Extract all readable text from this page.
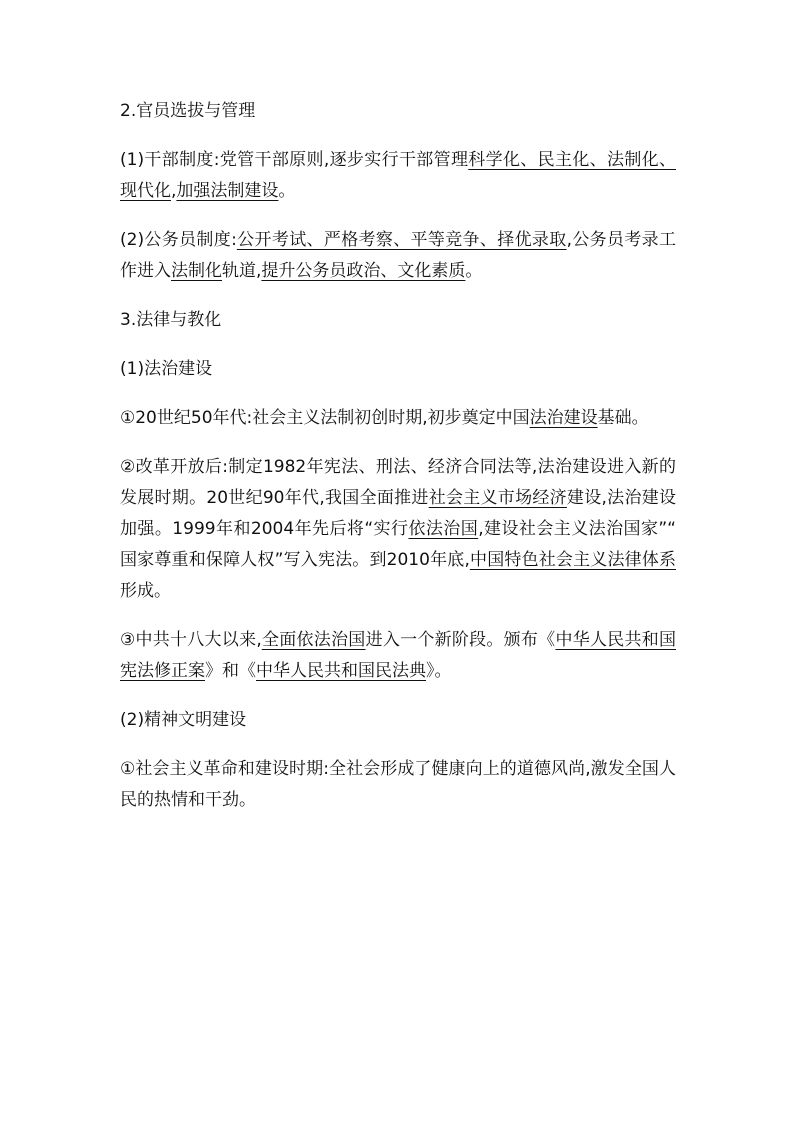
2.官员选拔与管理

(1)干部制度:党管干部原则,逐步实行干部管理科学化、民主化、法制化、现代化,加强法制建设。

(2)公务员制度:公开考试、严格考察、平等竞争、择优录取,公务员考录工作进入法制化轨道,提升公务员政治、文化素质。

3.法律与教化

(1)法治建设

①20世纪50年代:社会主义法制初创时期,初步奠定中国法治建设基础。

②改革开放后:制定1982年宪法、刑法、经济合同法等,法治建设进入新的发展时期。20世纪90年代,我国全面推进社会主义市场经济建设,法治建设加强。1999年和2004年先后将“实行依法治国,建设社会主义法治国家”“国家尊重和保障人权”写入宪法。到2010年底,中国特色社会主义法律体系形成。

③中共十八大以来,全面依法治国进入一个新阶段。颁布《中华人民共和国宪法修正案》和《中华人民共和国民法典》。

(2)精神文明建设

①社会主义革命和建设时期:全社会形成了健康向上的道德风尚,激发全国人民的热情和干劲。
